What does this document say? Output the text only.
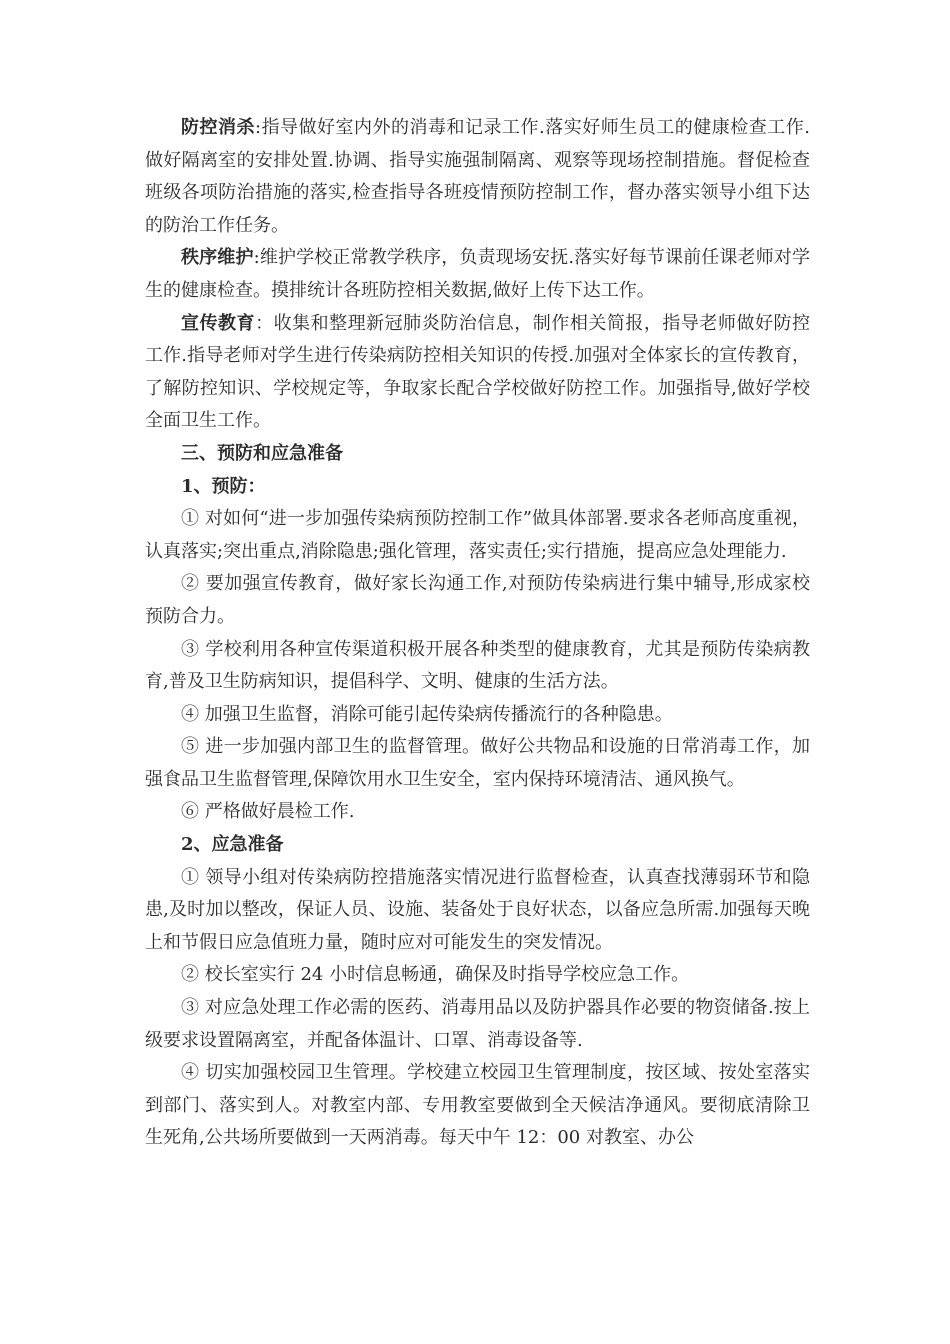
防控消杀:指导做好室内外的消毒和记录工作.落实好师生员工的健康检查工作.做好隔离室的安排处置.协调、指导实施强制隔离、观察等现场控制措施。督促检查班级各项防治措施的落实,检查指导各班疫情预防控制工作，督办落实领导小组下达的防治工作任务。

秩序维护:维护学校正常教学秩序，负责现场安抚.落实好每节课前任课老师对学生的健康检查。摸排统计各班防控相关数据,做好上传下达工作。

宣传教育：收集和整理新冠肺炎防治信息，制作相关简报，指导老师做好防控工作.指导老师对学生进行传染病防控相关知识的传授.加强对全体家长的宣传教育，了解防控知识、学校规定等，争取家长配合学校做好防控工作。加强指导,做好学校全面卫生工作。

三、预防和应急准备

1、预防：

① 对如何“进一步加强传染病预防控制工作”做具体部署.要求各老师高度重视，认真落实;突出重点,消除隐患;强化管理，落实责任;实行措施，提高应急处理能力.

② 要加强宣传教育，做好家长沟通工作,对预防传染病进行集中辅导,形成家校预防合力。

③ 学校利用各种宣传渠道积极开展各种类型的健康教育，尤其是预防传染病教育,普及卫生防病知识，提倡科学、文明、健康的生活方法。

④ 加强卫生监督，消除可能引起传染病传播流行的各种隐患。

⑤ 进一步加强内部卫生的监督管理。做好公共物品和设施的日常消毒工作，加强食品卫生监督管理,保障饮用水卫生安全，室内保持环境清洁、通风换气。

⑥ 严格做好晨检工作.

2、应急准备

① 领导小组对传染病防控措施落实情况进行监督检查，认真查找薄弱环节和隐患,及时加以整改，保证人员、设施、装备处于良好状态，以备应急所需.加强每天晚上和节假日应急值班力量，随时应对可能发生的突发情况。

② 校长室实行 24 小时信息畅通，确保及时指导学校应急工作。

③ 对应急处理工作必需的医药、消毒用品以及防护器具作必要的物资储备.按上级要求设置隔离室，并配备体温计、口罩、消毒设备等.

④ 切实加强校园卫生管理。学校建立校园卫生管理制度，按区域、按处室落实到部门、落实到人。对教室内部、专用教室要做到全天候洁净通风。要彻底清除卫生死角,公共场所要做到一天两消毒。每天中午 12：00 对教室、办公
